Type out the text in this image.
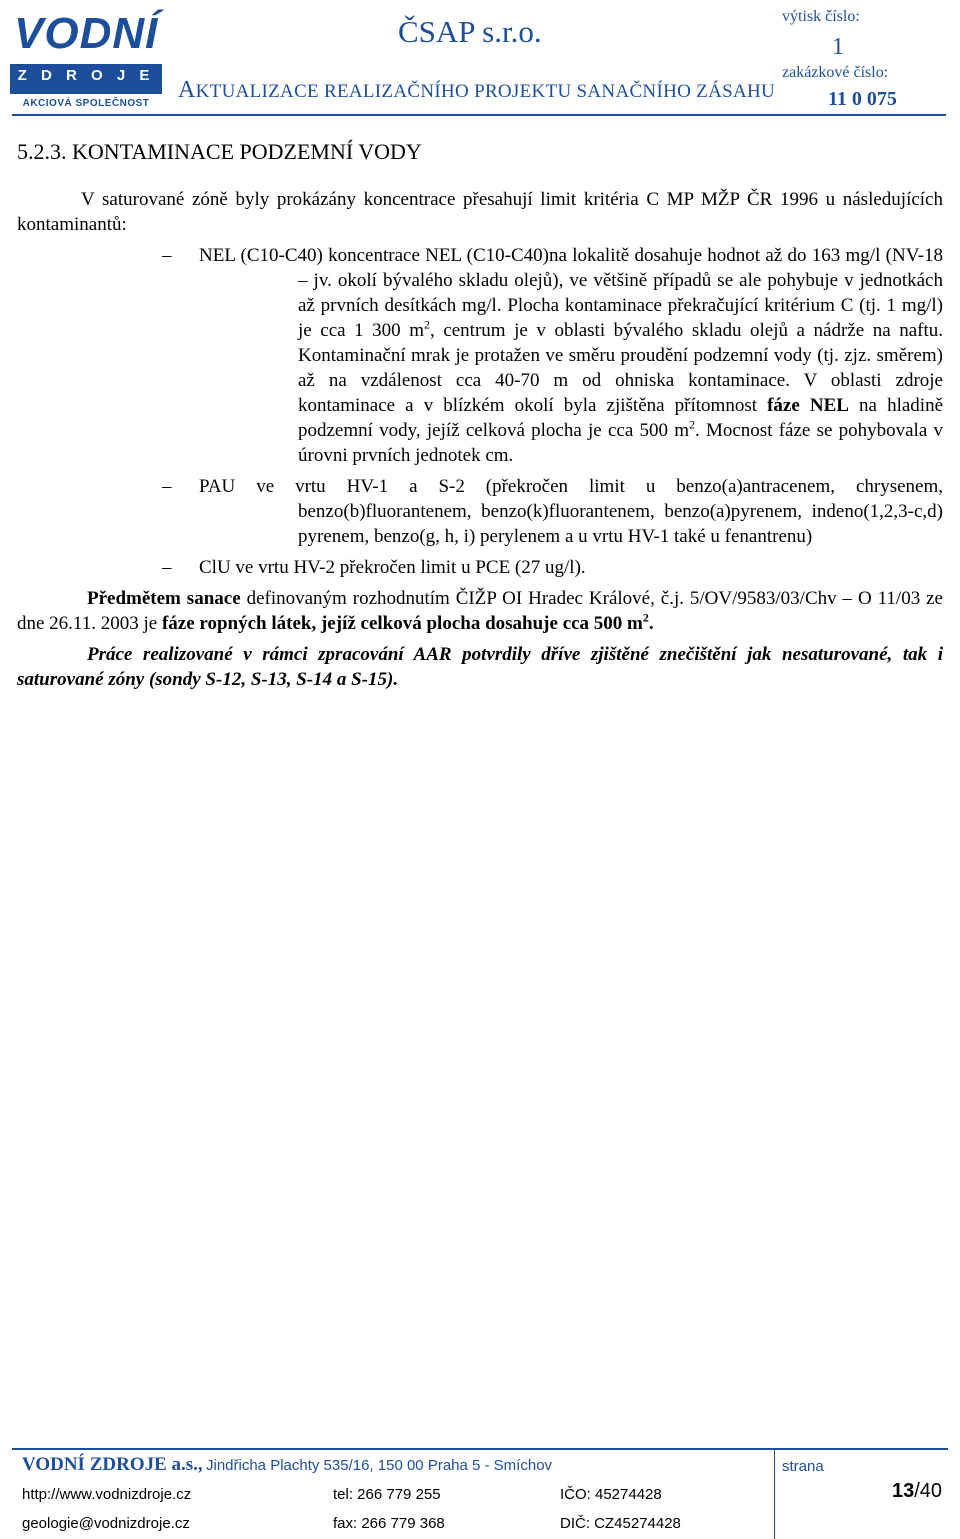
VODNÍ
Z D R O J E
AKCIOVÁ SPOLEČNOST
ČSAP s.r.o.
AKTUALIZACE REALIZAČNÍHO PROJEKTU SANAČNÍHO ZÁSAHU
výtisk číslo:
1
zakázkové číslo:
11 0 075
5.2.3. KONTAMINACE PODZEMNÍ VODY

V saturované zóně byly prokázány koncentrace přesahují limit kritéria C MP MŽP ČR 1996 u následujících kontaminantů:

– NEL (C10-C40) koncentrace NEL (C10-C40)na lokalitě dosahuje hodnot až do 163 mg/l (NV-18 – jv. okolí bývalého skladu olejů), ve většině případů se ale pohybuje v jednotkách až prvních desítkách mg/l. Plocha kontaminace překračující kritérium C (tj. 1 mg/l) je cca 1 300 $m^2$, centrum je v oblasti bývalého skladu olejů a nádrže na naftu. Kontaminační mrak je protažen ve směru proudění podzemní vody (tj. zjz. směrem) až na vzdálenost cca 40-70 m od ohniska kontaminace. V oblasti zdroje kontaminace a v blízkém okolí byla zjištěna přítomnost fáze NEL na hladině podzemní vody, jejíž celková plocha je cca 500 $m^2$. Mocnost fáze se pohybovala v úrovni prvních jednotek cm.
– PAU ve vrtu HV-1 a S-2 (překročen limit u benzo(a)antracenem, chrysenem, benzo(b)fluorantenem, benzo(k)fluorantenem, benzo(a)pyrenem, indeno(1,2,3-c,d) pyrenem, benzo(g, h, i) perylenem a u vrtu HV-1 také u fenantrenu)
– ClU ve vrtu HV-2 překročen limit u PCE (27 ug/l).

Předmětem sanace definovaným rozhodnutím ČIŽP OI Hradec Králové, č.j. 5/OV/9583/03/Chv – O 11/03 ze dne 26.11. 2003 je fáze ropných látek, jejíž celková plocha dosahuje cca 500 $m^2$.

Práce realizované v rámci zpracování AAR potvrdily dříve zjištěné znečištění jak nesaturované, tak i saturované zóny (sondy S-12, S-13, S-14 a S-15).

VODNÍ ZDROJE a.s., Jindřicha Plachty 535/16, 150 00 Praha 5 - Smíchov
http://www.vodnizdroje.cz
geologie@vodnizdroje.cz
tel: 266 779 255
fax: 266 779 368
IČO: 45274428
DIČ: CZ45274428
strana
13/40
